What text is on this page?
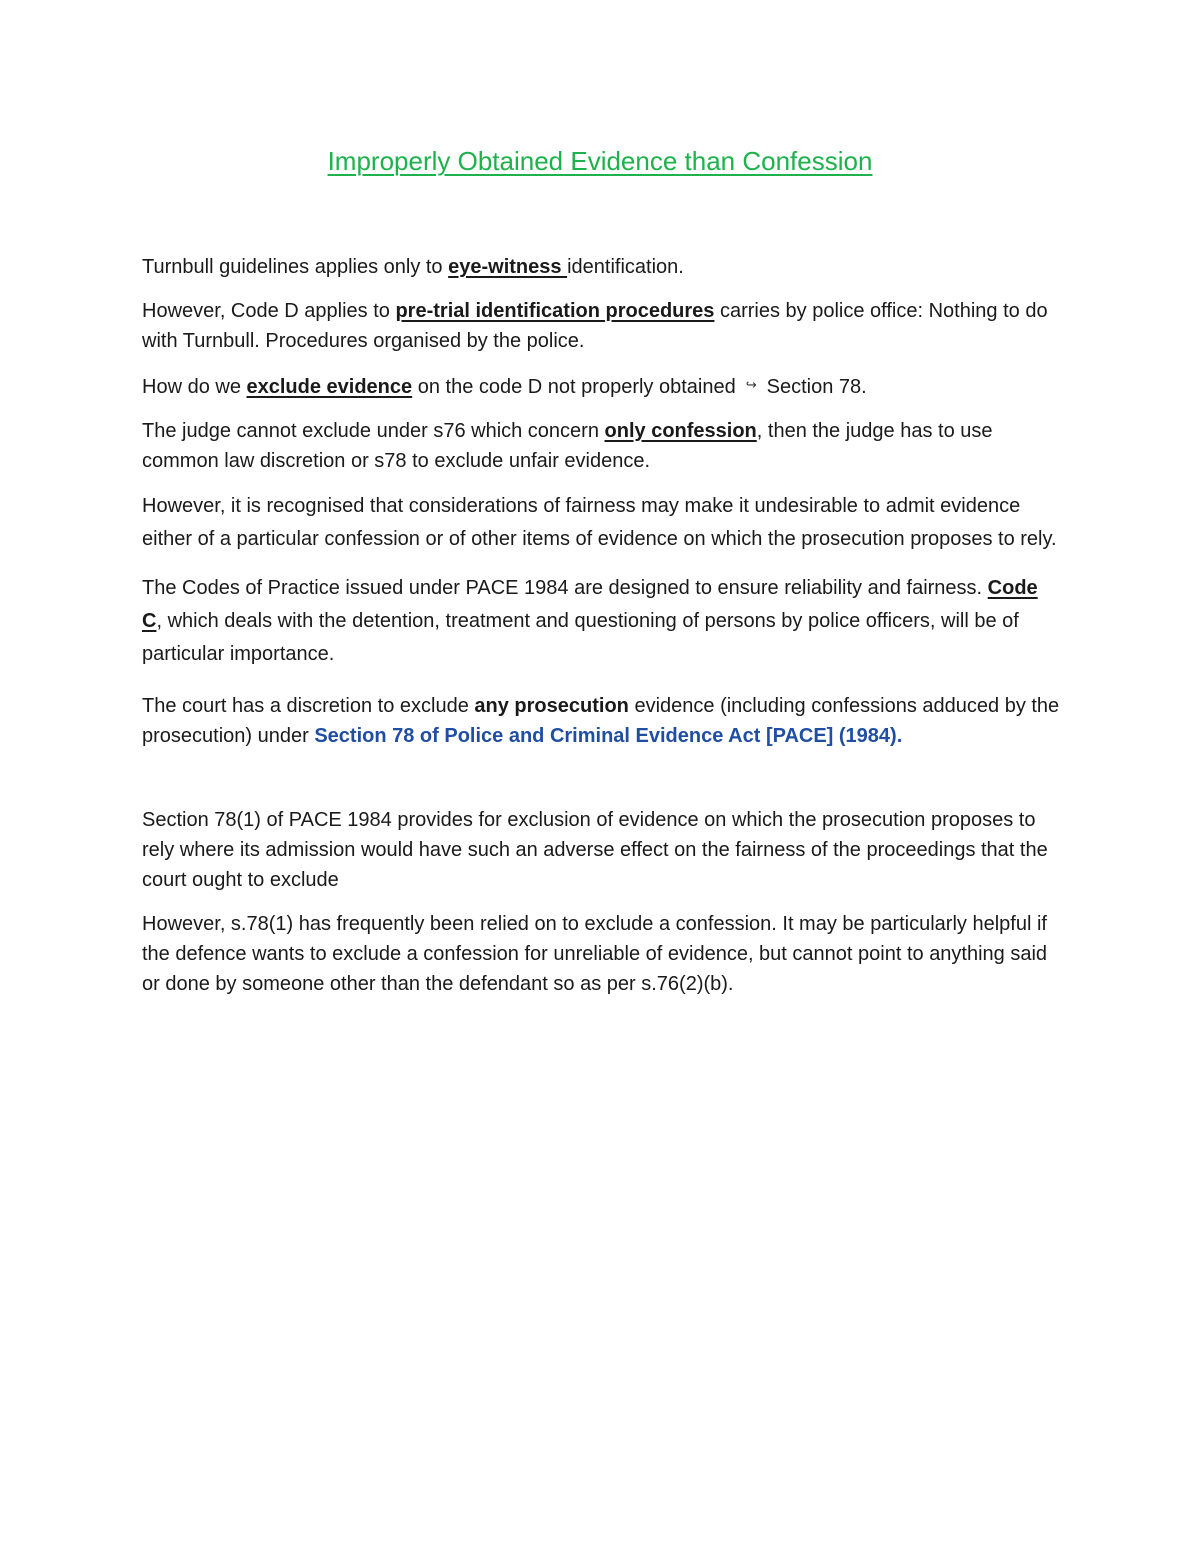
Improperly Obtained Evidence than Confession

Turnbull guidelines applies only to eye-witness identification.

However, Code D applies to pre-trial identification procedures carries by police office: Nothing to do with Turnbull. Procedures organised by the police.

How do we exclude evidence on the code D not properly obtained ↪ Section 78.

The judge cannot exclude under s76 which concern only confession, then the judge has to use common law discretion or s78 to exclude unfair evidence.

However, it is recognised that considerations of fairness may make it undesirable to admit evidence either of a particular confession or of other items of evidence on which the prosecution proposes to rely.

The Codes of Practice issued under PACE 1984 are designed to ensure reliability and fairness. Code C, which deals with the detention, treatment and questioning of persons by police officers, will be of particular importance.

The court has a discretion to exclude any prosecution evidence (including confessions adduced by the prosecution) under Section 78 of Police and Criminal Evidence Act [PACE] (1984).

Section 78(1) of PACE 1984 provides for exclusion of evidence on which the prosecution proposes to rely where its admission would have such an adverse effect on the fairness of the proceedings that the court ought to exclude

However, s.78(1) has frequently been relied on to exclude a confession. It may be particularly helpful if the defence wants to exclude a confession for unreliable of evidence, but cannot point to anything said or done by someone other than the defendant so as per s.76(2)(b).
